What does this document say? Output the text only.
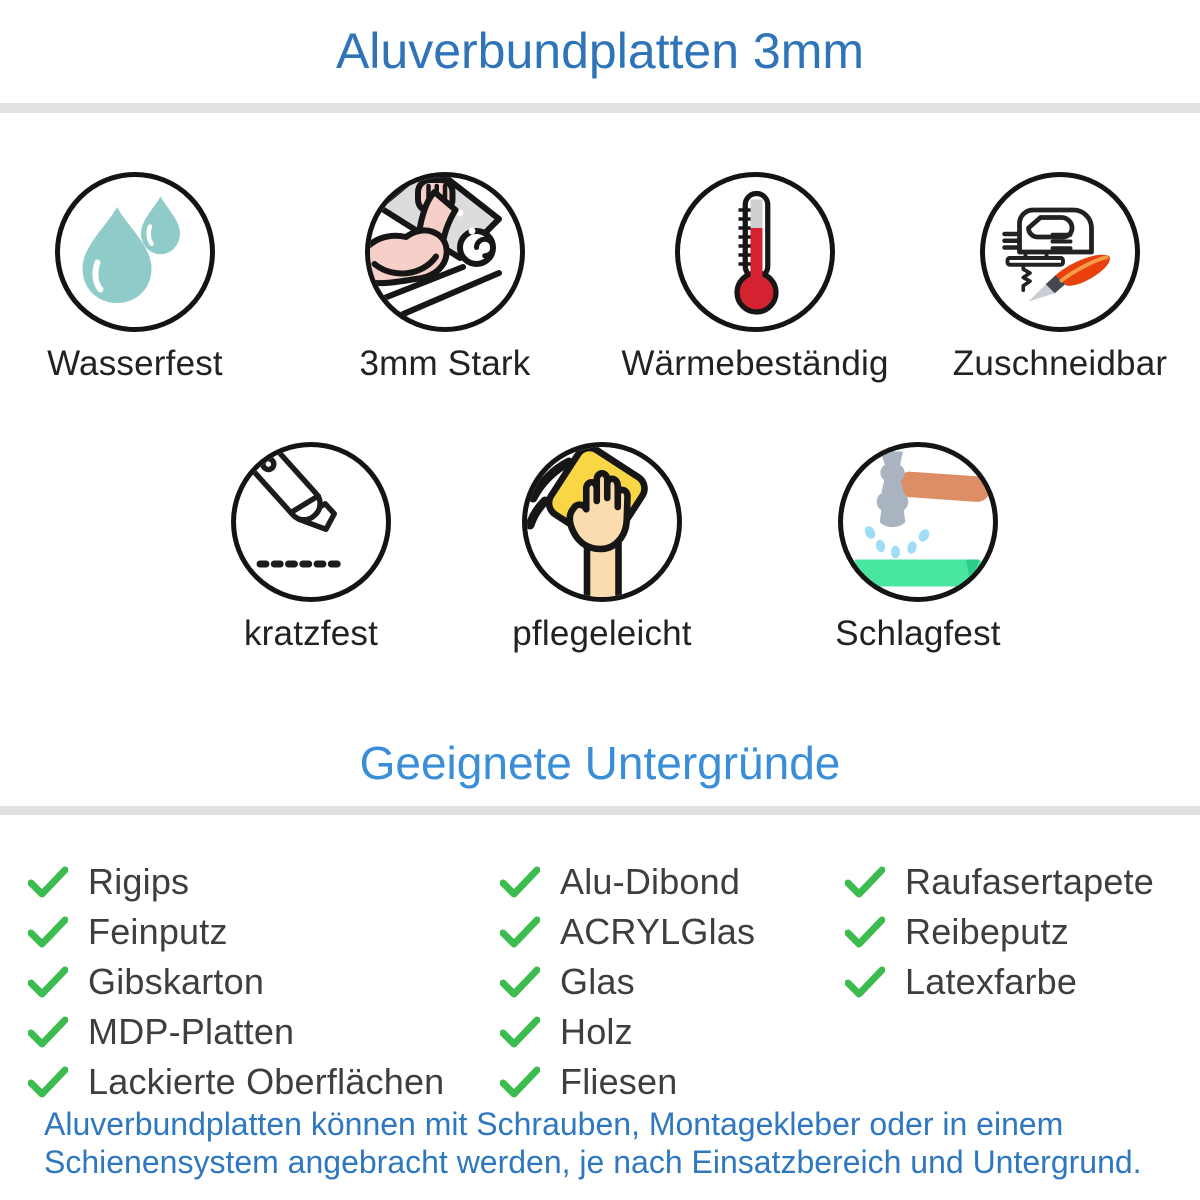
Aluverbundplatten 3mm
Wasserfest	3mm Stark	Wärmebeständig Zuschneidbar
kratzfest	pflegeleicht	Schlagfest
Geeignete Untergründe
Rigips
Feinputz
Gibskarton
MDP-Platten
Lackierte Oberflächen
Alu-Dibond
ACRYLGlas
Glas
Holz
Fliesen
Raufasertapete
Reibeputz
Latexfarbe
Aluverbundplatten können mit Schrauben, Montagekleber oder in einem
Schienensystem angebracht werden, je nach Einsatzbereich und Untergrund.
